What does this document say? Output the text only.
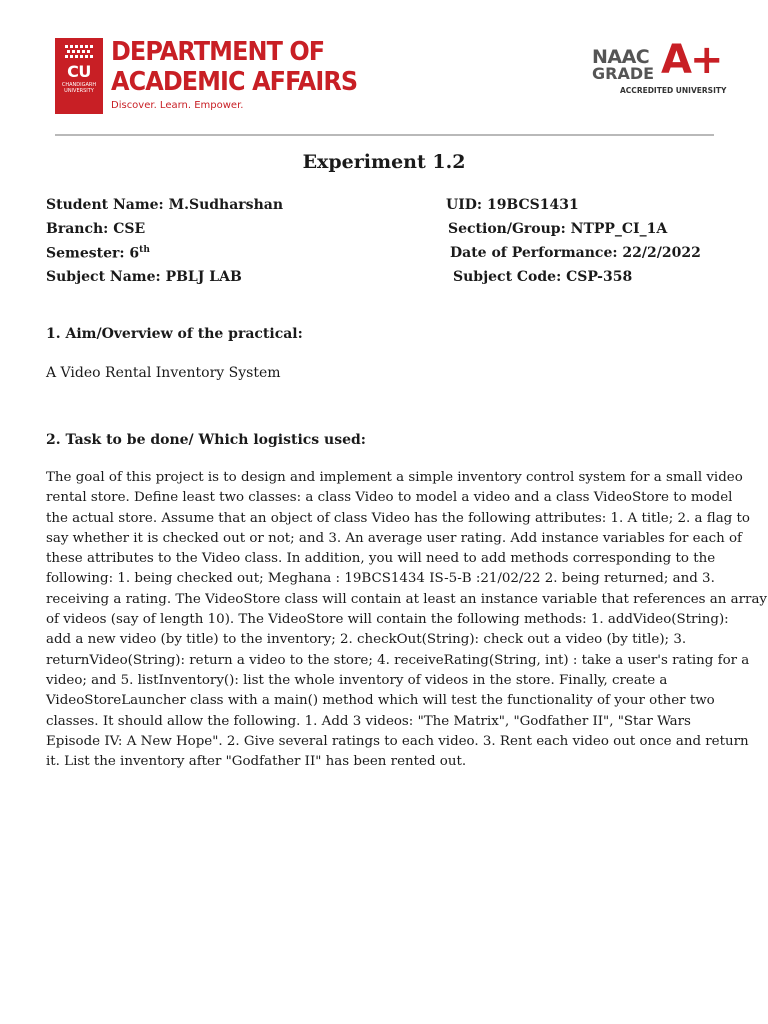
CU
CHANDIGARH UNIVERSITY
DEPARTMENT OF
ACADEMIC AFFAIRS
Discover. Learn. Empower.
NAAC
GRADE A+
ACCREDITED UNIVERSITY
Experiment 1.2
Student Name: M.Sudharshan	UID: 19BCS1431
Branch: CSE	Section/Group: NTPP_CI_1A
Semester: 6th	Date of Performance: 22/2/2022
Subject Name: PBLJ LAB	Subject Code: CSP-358
1. Aim/Overview of the practical:
A Video Rental Inventory System
2. Task to be done/ Which logistics used:
The goal of this project is to design and implement a simple inventory control system for a small video
rental store. Define least two classes: a class Video to model a video and a class VideoStore to model
the actual store. Assume that an object of class Video has the following attributes: 1. A title; 2. a flag to
say whether it is checked out or not; and 3. An average user rating. Add instance variables for each of
these attributes to the Video class. In addition, you will need to add methods corresponding to the
following: 1. being checked out; Meghana : 19BCS1434 IS-5-B :21/02/22 2. being returned; and 3.
receiving a rating. The VideoStore class will contain at least an instance variable that references an array
of videos (say of length 10). The VideoStore will contain the following methods: 1. addVideo(String):
add a new video (by title) to the inventory; 2. checkOut(String): check out a video (by title); 3.
returnVideo(String): return a video to the store; 4. receiveRating(String, int) : take a user's rating for a
video; and 5. listInventory(): list the whole inventory of videos in the store. Finally, create a
VideoStoreLauncher class with a main() method which will test the functionality of your other two
classes. It should allow the following. 1. Add 3 videos: "The Matrix", "Godfather II", "Star Wars
Episode IV: A New Hope". 2. Give several ratings to each video. 3. Rent each video out once and return
it. List the inventory after "Godfather II" has been rented out.
